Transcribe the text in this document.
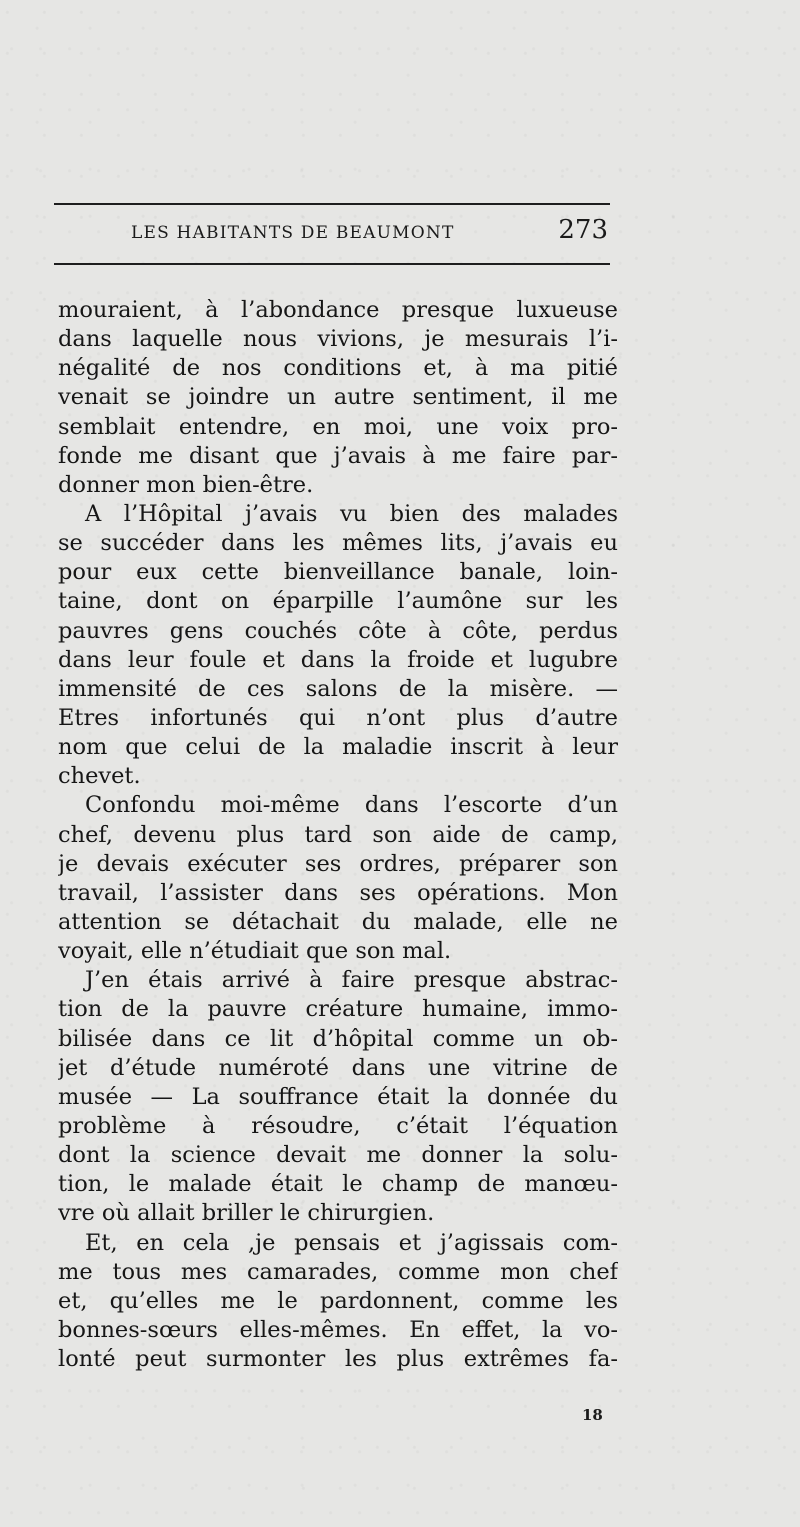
LES HABITANTS DE BEAUMONT	273
mouraient, à l’abondance presque luxueuse
dans laquelle nous vivions, je mesurais l’i-
négalité de nos conditions et, à ma pitié
venait se joindre un autre sentiment, il me
semblait entendre, en moi, une voix pro-
fonde me disant que j’avais à me faire par-
donner mon bien-être.
A l’Hôpital j’avais vu bien des malades
se succéder dans les mêmes lits, j’avais eu
pour eux cette bienveillance banale, loin-
taine, dont on éparpille l’aumône sur les
pauvres gens couchés côte à côte, perdus
dans leur foule et dans la froide et lugubre
immensité de ces salons de la misère. —
Etres infortunés qui n’ont plus d’autre
nom que celui de la maladie inscrit à leur
chevet.
Confondu moi-même dans l’escorte d’un
chef, devenu plus tard son aide de camp,
je devais exécuter ses ordres, préparer son
travail, l’assister dans ses opérations. Mon
attention se détachait du malade, elle ne
voyait, elle n’étudiait que son mal.
J’en étais arrivé à faire presque abstrac-
tion de la pauvre créature humaine, immo-
bilisée dans ce lit d’hôpital comme un ob-
jet d’étude numéroté dans une vitrine de
musée — La souffrance était la donnée du
problème à résoudre, c’était l’équation
dont la science devait me donner la solu-
tion, le malade était le champ de manœu-
vre où allait briller le chirurgien.
Et, en cela ,je pensais et j’agissais com-
me tous mes camarades, comme mon chef
et, qu’elles me le pardonnent, comme les
bonnes-sœurs elles-mêmes. En effet, la vo-
lonté peut surmonter les plus extrêmes fa-
18
